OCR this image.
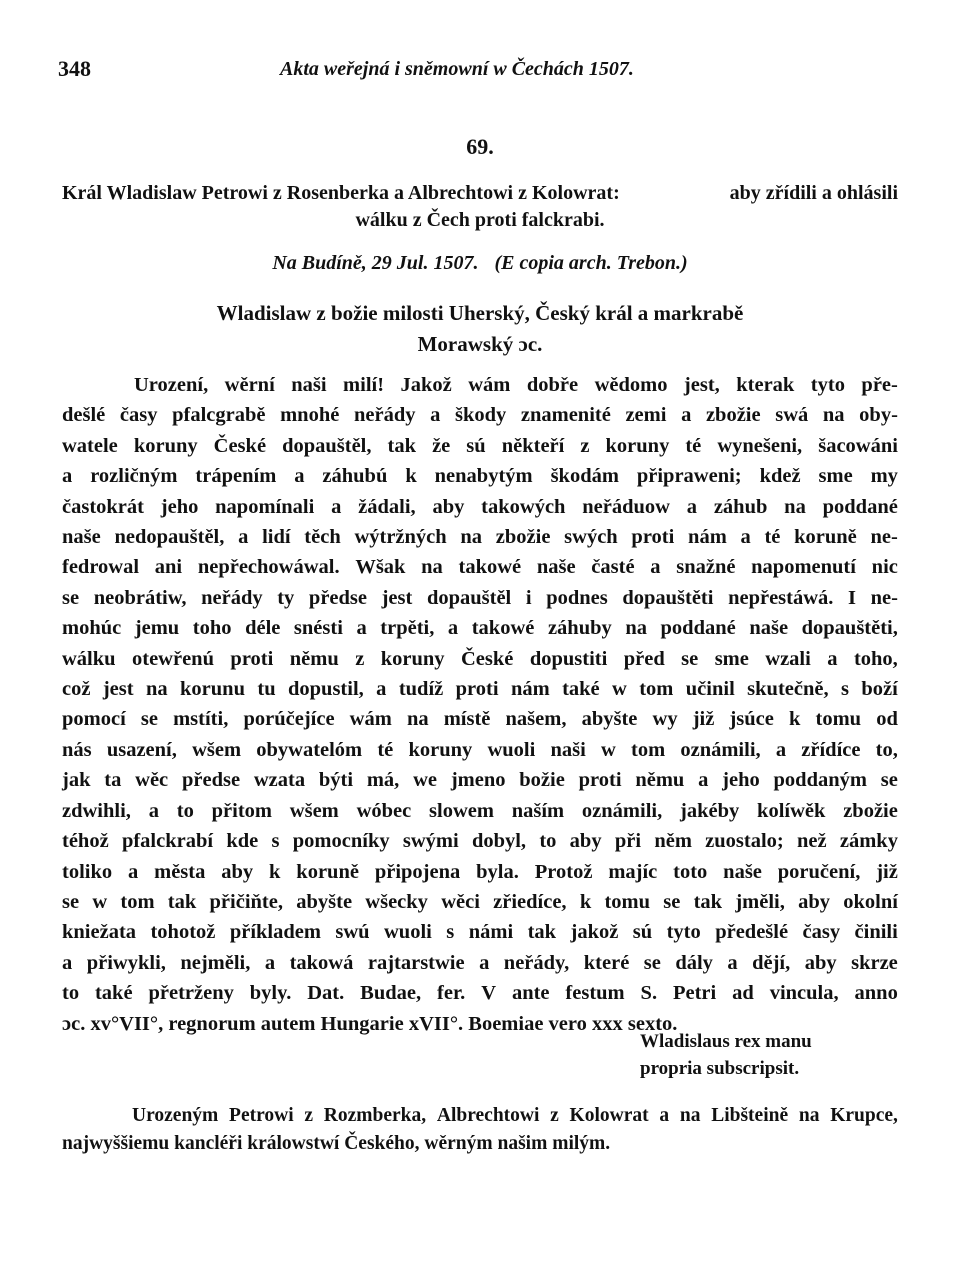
348	Akta weřejná i sněmowní w Čechách 1507.
69.
Král Wladislaw Petrowi z Rosenberka a Albrechtowi z Kolowrat:	aby zřídili a ohlásili
wálku z Čech proti falckrabi.
Na Budíně, 29 Jul. 1507. (E copia arch. Trebon.)
Wladislaw z božie milosti Uherský, Český král a markrabě
Morawský ɔc.
Urození, wěrní naši milí! Jakož wám dobře wědomo jest, kterak tyto pře-
dešlé časy pfalcgrabě mnohé neřády a škody znamenité zemi a zbožie swá na oby-
watele koruny České dopauštěl, tak že sú někteří z koruny té wynešeni, šacowáni
a rozličným trápením a záhubú k nenabytým škodám připraweni; kdež sme my
častokrát jeho napomínali a žádali, aby takowých neřáduow a záhub na poddané
naše nedopauštěl, a lidí těch wýtržných na zbožie swých proti nám a té koruně ne-
fedrowal ani nepřechowáwal. Wšak na takowé naše časté a snažné napomenutí nic
se neobrátiw, neřády ty předse jest dopauštěl i podnes dopauštěti nepřestáwá. I ne-
mohúc jemu toho déle snésti a trpěti, a takowé záhuby na poddané naše dopauštěti,
wálku otewřenú proti němu z koruny České dopustiti před se sme wzali a toho,
což jest na korunu tu dopustil, a tudíž proti nám také w tom učinil skutečně, s boží
pomocí se mstíti, porúčejíce wám na místě našem, abyšte wy již jsúce k tomu od
nás usazení, wšem obywatelóm té koruny wuoli naši w tom oznámili, a zřídíce to,
jak ta wěc předse wzata býti má, we jmeno božie proti němu a jeho poddaným se
zdwihli, a to přitom wšem wóbec slowem naším oznámili, jakéby kolíwěk zbožie
téhož pfalckrabí kde s pomocníky swými dobyl, to aby při něm zuostalo; než zámky
toliko a města aby k koruně připojena byla. Protož majíc toto naše poručení, již
se w tom tak přičiňte, abyšte wšecky wěci zřiedíce, k tomu se tak jměli, aby okolní
kniežata tohotož příkladem swú wuoli s námi tak jakož sú tyto předešlé časy činili
a přiwykli, nejměli, a takowá rajtarstwie a neřády, které se dály a dějí, aby skrze
to také přetrženy byly. Dat. Budae, fer. V ante festum S. Petri ad vincula, anno
ɔc. xv°VII°, regnorum autem Hungarie xVII°. Boemiae vero xxx sexto.
Wladislaus rex manu
propria subscripsit.
Urozeným Petrowi z Rozmberka, Albrechtowi z Kolowrat a na Libšteině na Krupce,
najwyššiemu kancléři králowstwí Českého, wěrným našim milým.
